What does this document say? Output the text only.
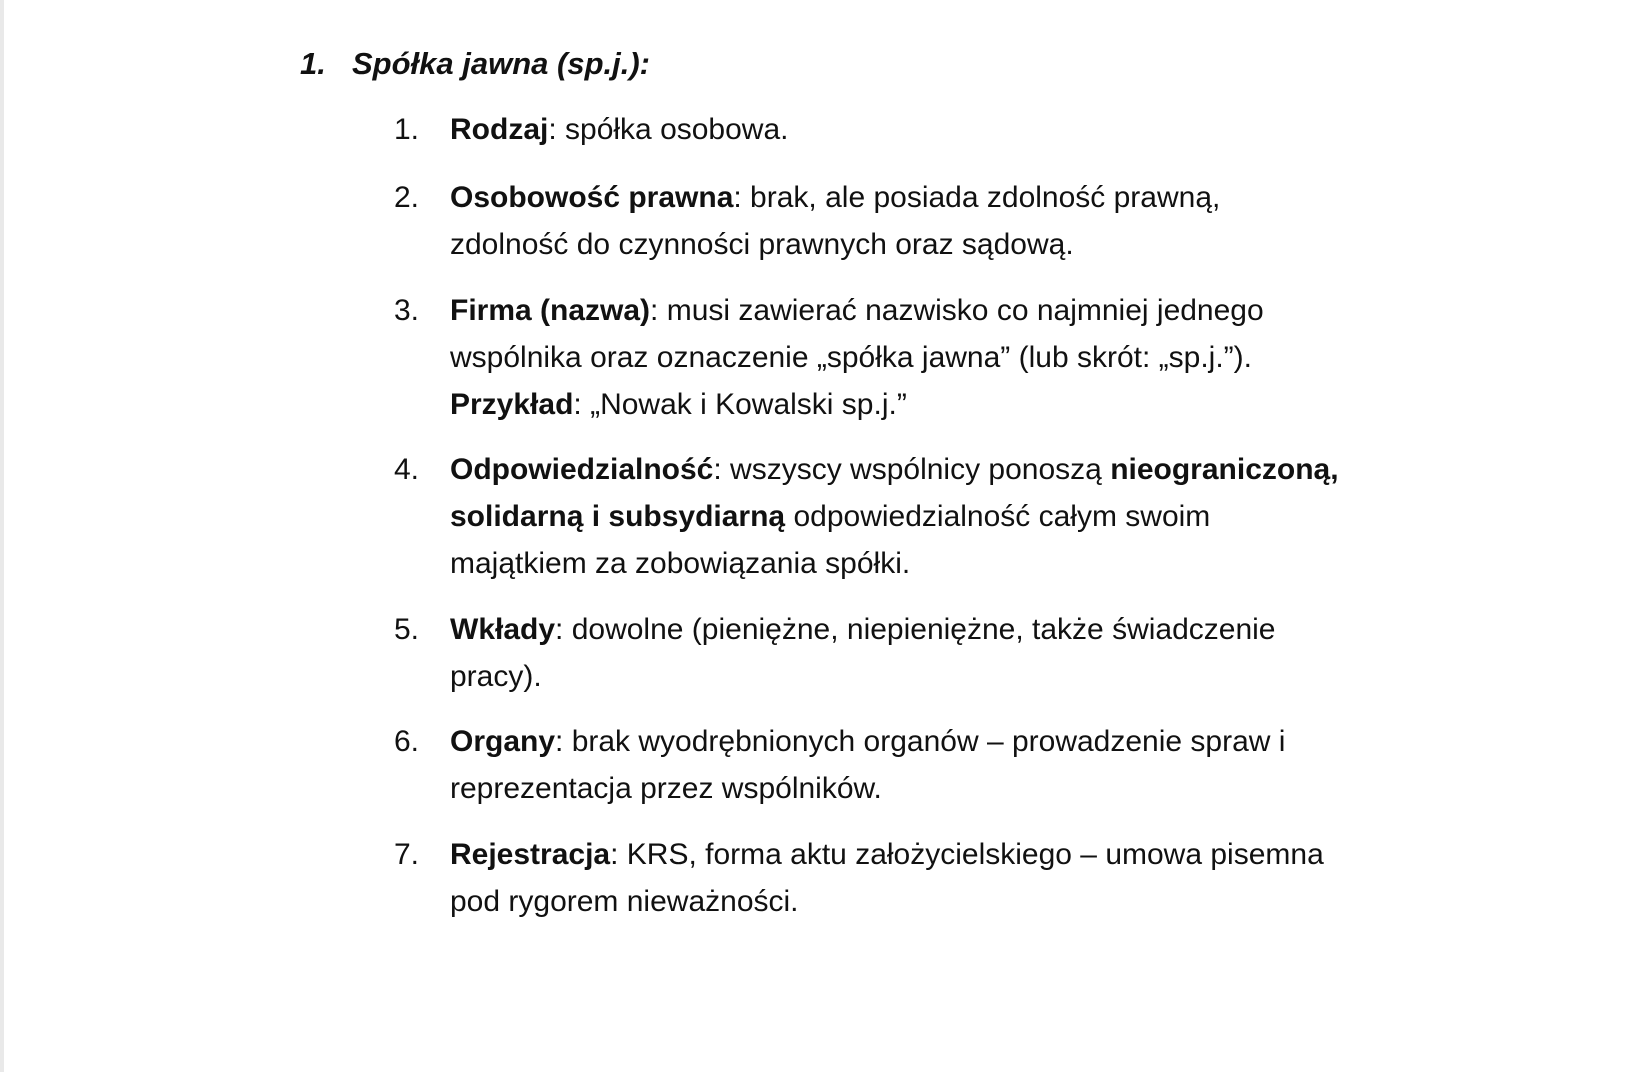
1. Spółka jawna (sp.j.):
1. Rodzaj: spółka osobowa.
2. Osobowość prawna: brak, ale posiada zdolność prawną,
zdolność do czynności prawnych oraz sądową.
3. Firma (nazwa): musi zawierać nazwisko co najmniej jednego
wspólnika oraz oznaczenie „spółka jawna” (lub skrót: „sp.j.”).
Przykład: „Nowak i Kowalski sp.j.”
4. Odpowiedzialność: wszyscy wspólnicy ponoszą nieograniczoną,
solidarną i subsydiarną odpowiedzialność całym swoim
majątkiem za zobowiązania spółki.
5. Wkłady: dowolne (pieniężne, niepieniężne, także świadczenie
pracy).
6. Organy: brak wyodrębnionych organów – prowadzenie spraw i
reprezentacja przez wspólników.
7. Rejestracja: KRS, forma aktu założycielskiego – umowa pisemna
pod rygorem nieważności.
